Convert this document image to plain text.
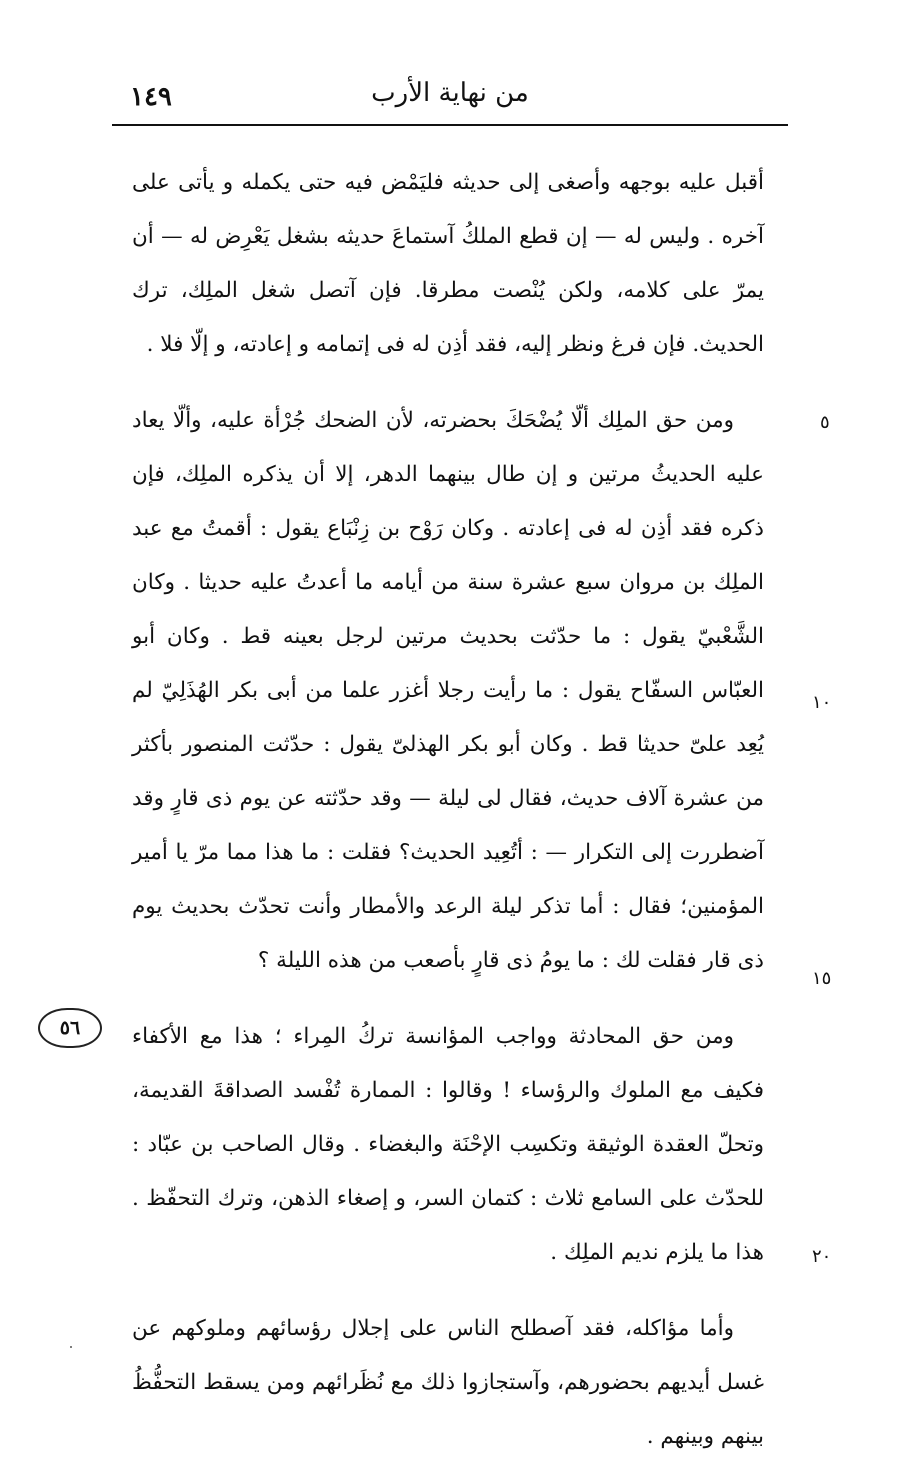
١٤٩	من نهاية الأرب

أقبل عليه بوجهه وأصغى إلى حديثه فليَمْض فيه حتى يكمله و يأتى على آخره . وليس له — إن قطع الملكُ آستماعَ حديثه بشغل يَعْرِض له — أن يمرّ على كلامه، ولكن يُنْصت مطرقا. فإن آتصل شغل الملِك، ترك الحديث. فإن فرغ ونظر إليه، فقد أذِن له فى إتمامه و إعادته، و إلّا فلا .

ومن حق الملِك ألّا يُضْحَكَ بحضرته، لأن الضحك جُرْأة عليه، وألّا يعاد عليه الحديثُ مرتين و إن طال بينهما الدهر، إلا أن يذكره الملِك، فإن ذكره فقد أذِن له فى إعادته . وكان رَوْح بن زِنْبَاع يقول : أقمتُ مع عبد الملِك بن مروان سبع عشرة سنة من أيامه ما أعدتُ عليه حديثا . وكان الشَّعْبيّ يقول : ما حدّثت بحديث مرتين لرجل بعينه قط . وكان أبو العبّاس السفّاح يقول : ما رأيت رجلا أغزر علما من أبى بكر الهُذَلِيّ لم يُعِد علىّ حديثا قط . وكان أبو بكر الهذلىّ يقول : حدّثت المنصور بأكثر من عشرة آلاف حديث، فقال لى ليلة — وقد حدّثته عن يوم ذى قارٍ وقد آضطررت إلى التكرار — : أتُعِيد الحديث؟ فقلت : ما هذا مما مرّ يا أمير المؤمنين؛ فقال : أما تذكر ليلة الرعد والأمطار وأنت تحدّث بحديث يوم ذى قار فقلت لك : ما يومُ ذى قارٍ بأصعب من هذه الليلة ؟

ومن حق المحادثة وواجب المؤانسة تركُ المِراء ؛ هذا مع الأكفاء فكيف مع الملوك والرؤساء ! وقالوا : الممارة تُفْسد الصداقةَ القديمة، وتحلّ العقدة الوثيقة وتكسِب الإحْنَة والبغضاء . وقال الصاحب بن عبّاد : للحدّث على السامع ثلاث : كتمان السر، و إصغاء الذهن، وترك التحفّظ . هذا ما يلزم نديم الملِك .

وأما مؤاكله، فقد آصطلح الناس على إجلال رؤسائهم وملوكهم عن غسل أيديهم بحضورهم، وآستجازوا ذلك مع نُظَرائهم ومن يسقط التحفُّظُ بينهم وبينهم .

٥
١٠
١٥
٢٠
٥٦
